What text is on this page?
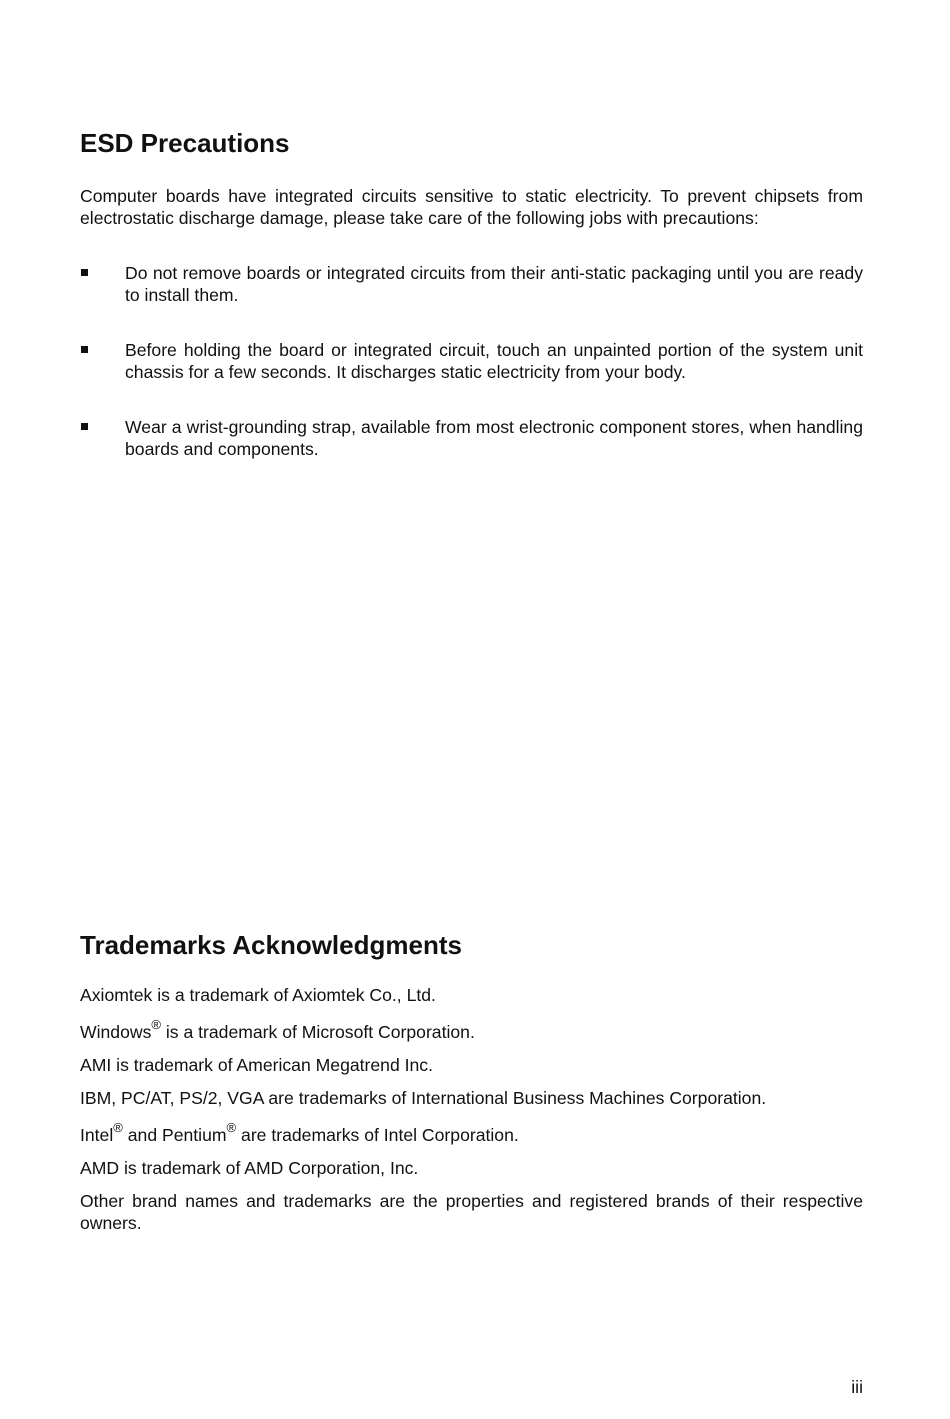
ESD Precautions

Computer boards have integrated circuits sensitive to static electricity. To prevent chipsets from electrostatic discharge damage, please take care of the following jobs with precautions:

Do not remove boards or integrated circuits from their anti-static packaging until you are ready to install them.

Before holding the board or integrated circuit, touch an unpainted portion of the system unit chassis for a few seconds. It discharges static electricity from your body.

Wear a wrist-grounding strap, available from most electronic component stores, when handling boards and components.

Trademarks Acknowledgments

Axiomtek is a trademark of Axiomtek Co., Ltd.

Windows® is a trademark of Microsoft Corporation.

AMI is trademark of American Megatrend Inc.

IBM, PC/AT, PS/2, VGA are trademarks of International Business Machines Corporation.

Intel® and Pentium® are trademarks of Intel Corporation.

AMD is trademark of AMD Corporation, Inc.

Other brand names and trademarks are the properties and registered brands of their respective owners.

iii
